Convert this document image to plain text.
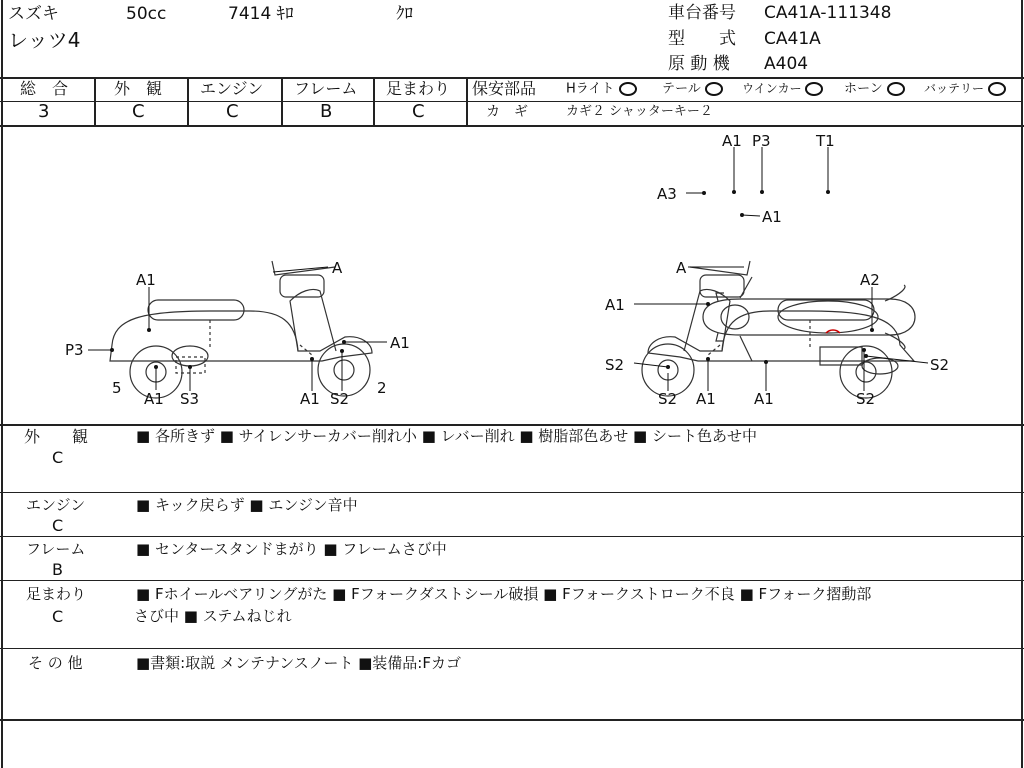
スズキ	50cc	7414 ｷﾛ	ｸﾛ
レッツ4
車台番号 CA41A-111348
型　　式 CA41A
原 動 機 A404
総　合
3
外　観
C
エンジン
C
フレーム
B
足まわり
C
保安部品 Hライト	テール	ウインカー	ホーン	バッテリー
カ　ギ	カギ２ シャッターキー２
A1 P3	T1
A3
A1
A
A1
P3	A1
5
A1 S3	A1 S2
2
A
A2
A1
S2
S2 A1	A1	S2
S2
外　　観
C
■ 各所きず ■ サイレンサーカバー削れ小 ■ レバー削れ ■ 樹脂部色あせ ■ シート色あせ中
エンジン
C
■ キック戻らず ■ エンジン音中
フレーム
B
■ センタースタンドまがり ■ フレームさび中
足まわり
C
■ Fホイールベアリングがた ■ Fフォークダストシール破損 ■ Fフォークストローク不良 ■ Fフォーク摺動部
さび中 ■ ステムねじれ
そ の 他	■書類:取説 メンテナンスノート ■装備品:Fカゴ
